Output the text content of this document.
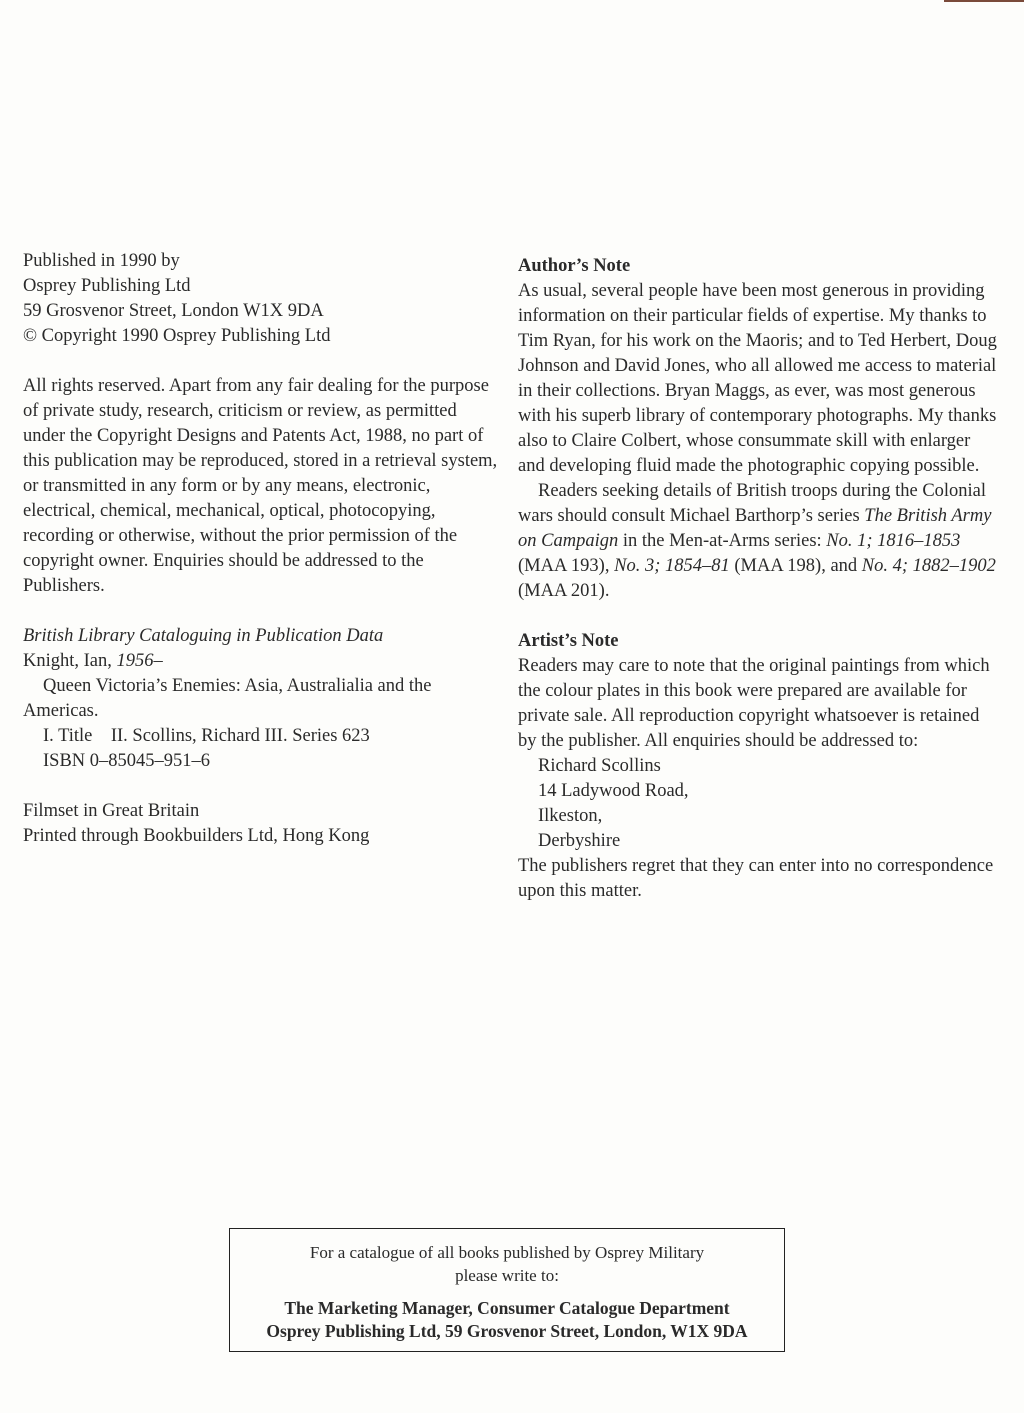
Published in 1990 by

Osprey Publishing Ltd

59 Grosvenor Street, London W1X 9DA

© Copyright 1990 Osprey Publishing Ltd

All rights reserved. Apart from any fair dealing for the purpose of private study, research, criticism or review, as permitted under the Copyright Designs and Patents Act, 1988, no part of this publication may be reproduced, stored in a retrieval system, or transmitted in any form or by any means, electronic, electrical, chemical, mechanical, optical, photocopying, recording or otherwise, without the prior permission of the copyright owner. Enquiries should be addressed to the Publishers.

British Library Cataloguing in Publication Data

Knight, Ian, 1956–

Queen Victoria’s Enemies: Asia, Australialia and the Americas.

I. Title    II. Scollins, Richard III. Series 623

ISBN 0–85045–951–6

Filmset in Great Britain

Printed through Bookbuilders Ltd, Hong Kong

Author’s Note

As usual, several people have been most generous in providing information on their particular fields of expertise. My thanks to Tim Ryan, for his work on the Maoris; and to Ted Herbert, Doug Johnson and David Jones, who all allowed me access to material in their collections. Bryan Maggs, as ever, was most generous with his superb library of contemporary photographs. My thanks also to Claire Colbert, whose consummate skill with enlarger and developing fluid made the photographic copying possible.

Readers seeking details of British troops during the Colonial wars should consult Michael Barthorp’s series The British Army on Campaign in the Men-at-Arms series: No. 1; 1816–1853 (MAA 193), No. 3; 1854–81 (MAA 198), and No. 4; 1882–1902 (MAA 201).

Artist’s Note

Readers may care to note that the original paintings from which the colour plates in this book were prepared are available for private sale. All reproduction copyright whatsoever is retained by the publisher. All enquiries should be addressed to:

Richard Scollins

14 Ladywood Road,

Ilkeston,

Derbyshire

The publishers regret that they can enter into no correspondence upon this matter.

For a catalogue of all books published by Osprey Military
please write to:
The Marketing Manager, Consumer Catalogue Department
Osprey Publishing Ltd, 59 Grosvenor Street, London, W1X 9DA
